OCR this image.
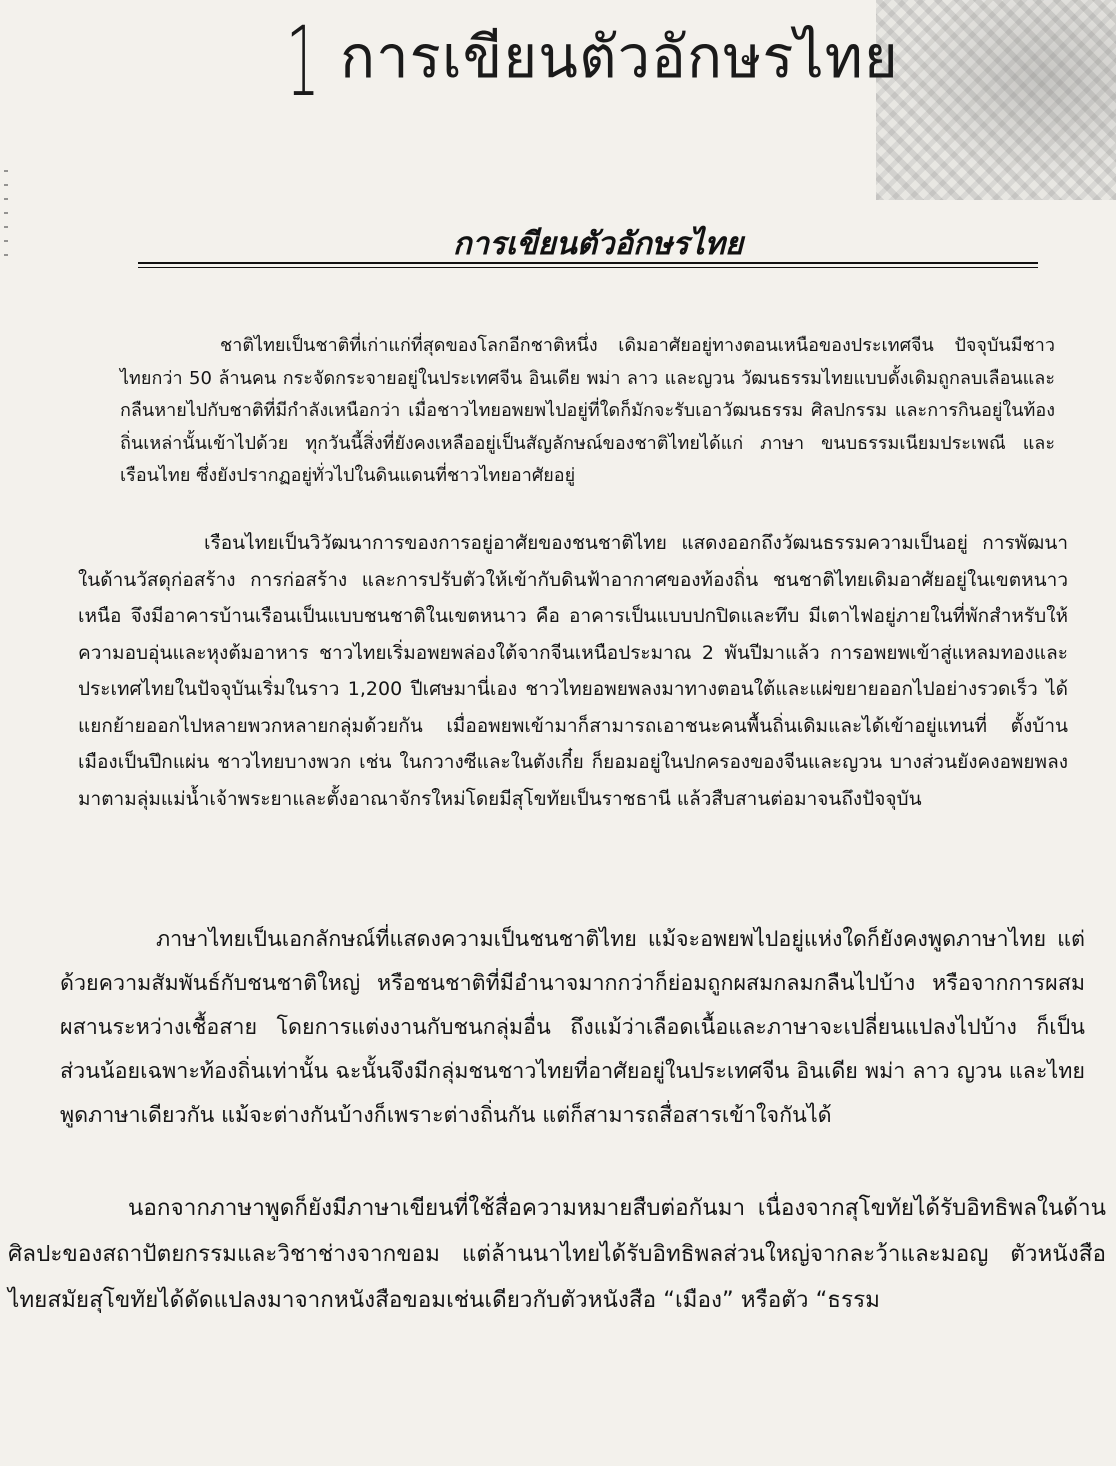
1 การเขียนตัวอักษรไทย
การเขียนตัวอักษรไทย

ชาติไทยเป็นชาติที่เก่าแก่ที่สุดของโลกอีกชาติหนึ่ง เดิมอาศัยอยู่ทางตอนเหนือของประเทศจีน ปัจจุบันมีชาวไทยกว่า 50 ล้านคน กระจัดกระจายอยู่ในประเทศจีน อินเดีย พม่า ลาว และญวน วัฒนธรรมไทยแบบดั้งเดิมถูกลบเลือนและกลืนหายไปกับชาติที่มีกำลังเหนือกว่า เมื่อชาวไทยอพยพไปอยู่ที่ใดก็มักจะรับเอาวัฒนธรรม ศิลปกรรม และการกินอยู่ในท้องถิ่นเหล่านั้นเข้าไปด้วย ทุกวันนี้สิ่งที่ยังคงเหลืออยู่เป็นสัญลักษณ์ของชาติไทยได้แก่ ภาษา ขนบธรรมเนียมประเพณี และเรือนไทย ซึ่งยังปรากฏอยู่ทั่วไปในดินแดนที่ชาวไทยอาศัยอยู่

เรือนไทยเป็นวิวัฒนาการของการอยู่อาศัยของชนชาติไทย แสดงออกถึงวัฒนธรรมความเป็นอยู่ การพัฒนาในด้านวัสดุก่อสร้าง การก่อสร้าง และการปรับตัวให้เข้ากับดินฟ้าอากาศของท้องถิ่น ชนชาติไทยเดิมอาศัยอยู่ในเขตหนาวเหนือ จึงมีอาคารบ้านเรือนเป็นแบบชนชาติในเขตหนาว คือ อาคารเป็นแบบปกปิดและทึบ มีเตาไฟอยู่ภายในที่พักสำหรับให้ความอบอุ่นและหุงต้มอาหาร ชาวไทยเริ่มอพยพล่องใต้จากจีนเหนือประมาณ 2 พันปีมาแล้ว การอพยพเข้าสู่แหลมทองและประเทศไทยในปัจจุบันเริ่มในราว 1,200 ปีเศษมานี่เอง ชาวไทยอพยพลงมาทางตอนใต้และแผ่ขยายออกไปอย่างรวดเร็ว ได้แยกย้ายออกไปหลายพวกหลายกลุ่มด้วยกัน เมื่ออพยพเข้ามาก็สามารถเอาชนะคนพื้นถิ่นเดิมและได้เข้าอยู่แทนที่ ตั้งบ้านเมืองเป็นปึกแผ่น ชาวไทยบางพวก เช่น ในกวางซีและในตังเกี๋ย ก็ยอมอยู่ในปกครองของจีนและญวน บางส่วนยังคงอพยพลงมาตามลุ่มแม่น้ำเจ้าพระยาและตั้งอาณาจักรใหม่โดยมีสุโขทัยเป็นราชธานี แล้วสืบสานต่อมาจนถึงปัจจุบัน

ภาษาไทยเป็นเอกลักษณ์ที่แสดงความเป็นชนชาติไทย แม้จะอพยพไปอยู่แห่งใดก็ยังคงพูดภาษาไทย แต่ด้วยความสัมพันธ์กับชนชาติใหญ่ หรือชนชาติที่มีอำนาจมากกว่าก็ย่อมถูกผสมกลมกลืนไปบ้าง หรือจากการผสมผสานระหว่างเชื้อสาย โดยการแต่งงานกับชนกลุ่มอื่น ถึงแม้ว่าเลือดเนื้อและภาษาจะเปลี่ยนแปลงไปบ้าง ก็เป็นส่วนน้อยเฉพาะท้องถิ่นเท่านั้น ฉะนั้นจึงมีกลุ่มชนชาวไทยที่อาศัยอยู่ในประเทศจีน อินเดีย พม่า ลาว ญวน และไทย พูดภาษาเดียวกัน แม้จะต่างกันบ้างก็เพราะต่างถิ่นกัน แต่ก็สามารถสื่อสารเข้าใจกันได้

นอกจากภาษาพูดก็ยังมีภาษาเขียนที่ใช้สื่อความหมายสืบต่อกันมา เนื่องจากสุโขทัยได้รับอิทธิพลในด้านศิลปะของสถาปัตยกรรมและวิชาช่างจากขอม แต่ล้านนาไทยได้รับอิทธิพลส่วนใหญ่จากละว้าและมอญ ตัวหนังสือไทยสมัยสุโขทัยได้ดัดแปลงมาจากหนังสือขอมเช่นเดียวกับตัวหนังสือ “เมือง” หรือตัว “ธรรม
